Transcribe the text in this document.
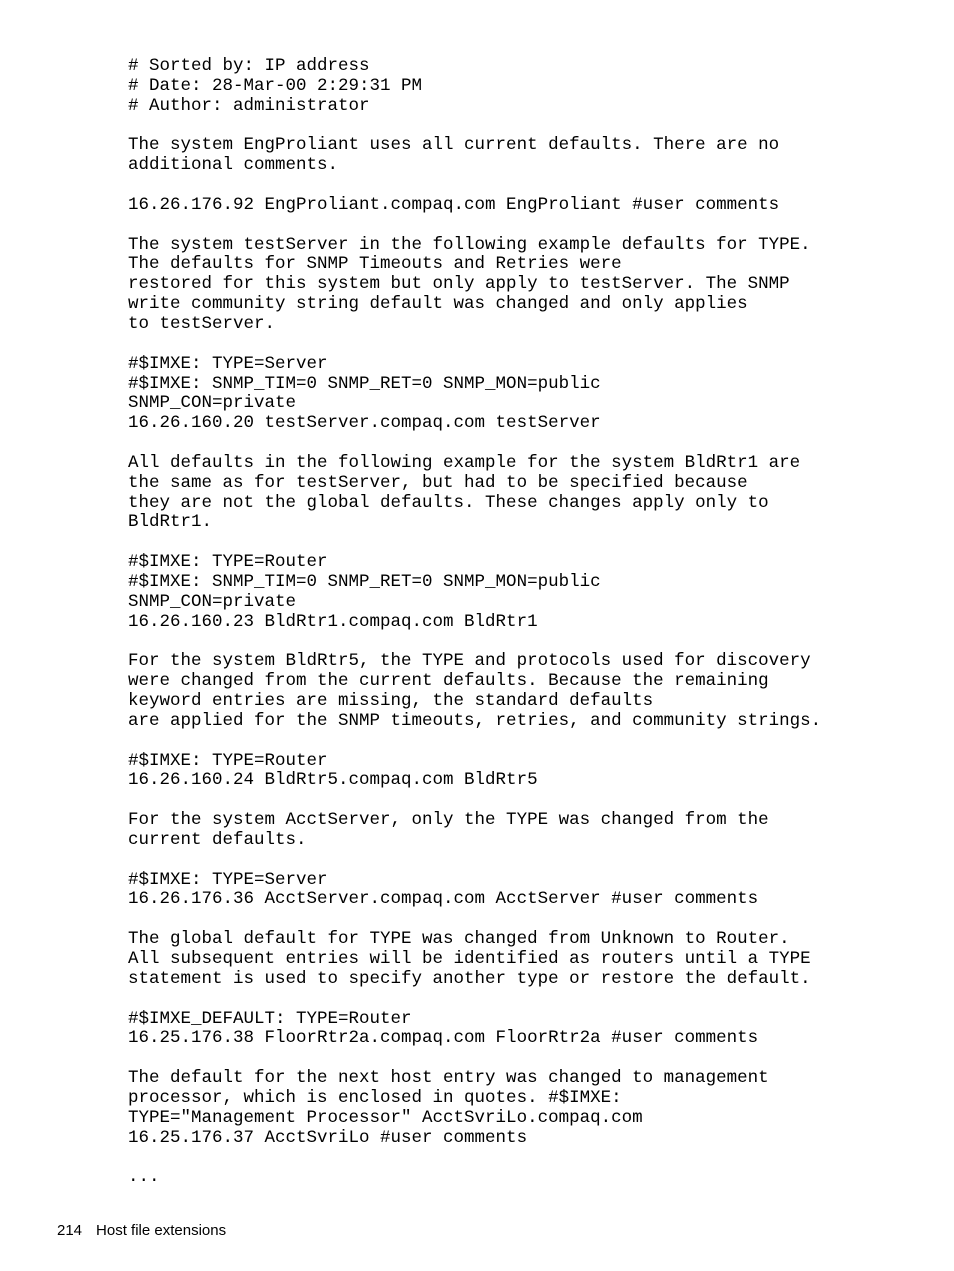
# Sorted by: IP address
# Date: 28-Mar-00 2:29:31 PM
# Author: administrator
The system EngProliant uses all current defaults. There are no
additional comments.
16.26.176.92 EngProliant.compaq.com EngProliant #user comments
The system testServer in the following example defaults for TYPE.
The defaults for SNMP Timeouts and Retries were
restored for this system but only apply to testServer. The SNMP
write community string default was changed and only applies
to testServer.
#$IMXE: TYPE=Server
#$IMXE: SNMP_TIM=0 SNMP_RET=0 SNMP_MON=public
SNMP_CON=private
16.26.160.20 testServer.compaq.com testServer
All defaults in the following example for the system BldRtr1 are
the same as for testServer, but had to be specified because
they are not the global defaults. These changes apply only to
BldRtr1.
#$IMXE: TYPE=Router
#$IMXE: SNMP_TIM=0 SNMP_RET=0 SNMP_MON=public
SNMP_CON=private
16.26.160.23 BldRtr1.compaq.com BldRtr1
For the system BldRtr5, the TYPE and protocols used for discovery
were changed from the current defaults. Because the remaining
keyword entries are missing, the standard defaults
are applied for the SNMP timeouts, retries, and community strings.
#$IMXE: TYPE=Router
16.26.160.24 BldRtr5.compaq.com BldRtr5
For the system AcctServer, only the TYPE was changed from the
current defaults.
#$IMXE: TYPE=Server
16.26.176.36 AcctServer.compaq.com AcctServer #user comments
The global default for TYPE was changed from Unknown to Router.
All subsequent entries will be identified as routers until a TYPE
statement is used to specify another type or restore the default.
#$IMXE_DEFAULT: TYPE=Router
16.25.176.38 FloorRtr2a.compaq.com FloorRtr2a #user comments
The default for the next host entry was changed to management
processor, which is enclosed in quotes. #$IMXE:
TYPE="Management Processor" AcctSvriLo.compaq.com
16.25.176.37 AcctSvriLo #user comments
...
214 Host file extensions
